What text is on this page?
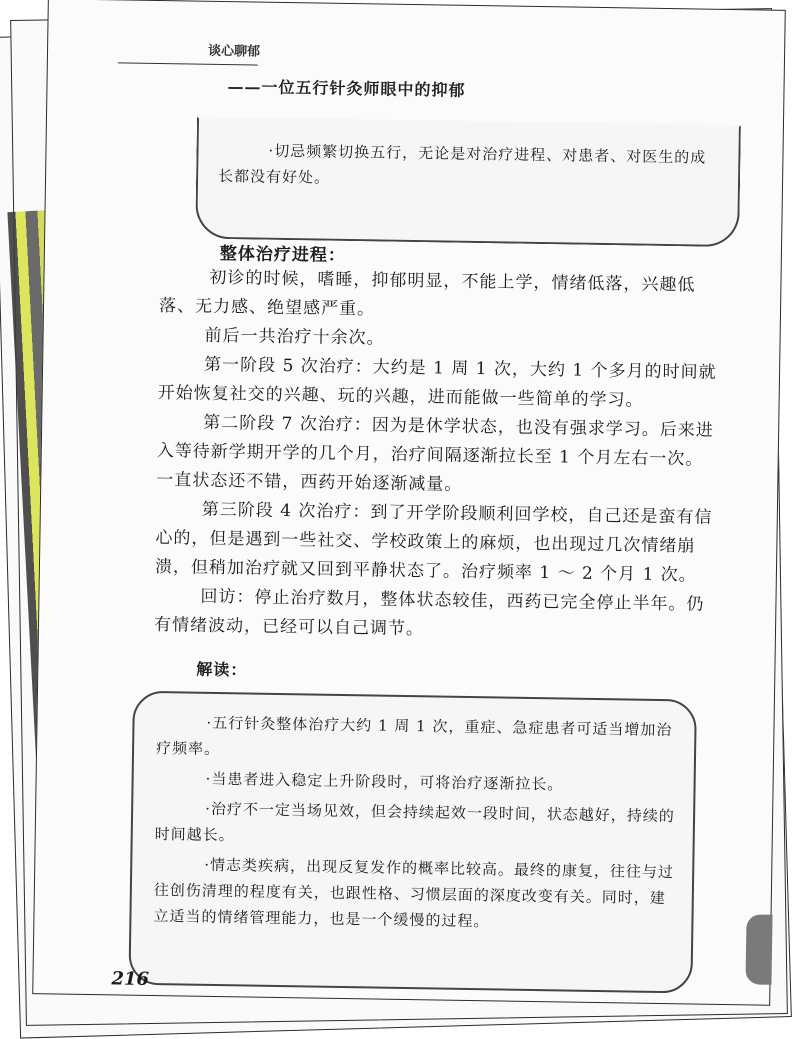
谈心聊郁
——一位五行针灸师眼中的抑郁

·切忌频繁切换五行，无论是对治疗进程、对患者、对医生的成长都没有好处。

整体治疗进程：

初诊的时候，嗜睡，抑郁明显，不能上学，情绪低落，兴趣低落、无力感、绝望感严重。

前后一共治疗十余次。

第一阶段 5 次治疗：大约是 1 周 1 次，大约 1 个多月的时间就开始恢复社交的兴趣、玩的兴趣，进而能做一些简单的学习。

第二阶段 7 次治疗：因为是休学状态，也没有强求学习。后来进入等待新学期开学的几个月，治疗间隔逐渐拉长至 1 个月左右一次。一直状态还不错，西药开始逐渐减量。

第三阶段 4 次治疗：到了开学阶段顺利回学校，自己还是蛮有信心的，但是遇到一些社交、学校政策上的麻烦，也出现过几次情绪崩溃，但稍加治疗就又回到平静状态了。治疗频率 1 ～ 2 个月 1 次。

回访：停止治疗数月，整体状态较佳，西药已完全停止半年。仍有情绪波动，已经可以自己调节。

解读：

·五行针灸整体治疗大约 1 周 1 次，重症、急症患者可适当增加治疗频率。

·当患者进入稳定上升阶段时，可将治疗逐渐拉长。

·治疗不一定当场见效，但会持续起效一段时间，状态越好，持续的时间越长。

·情志类疾病，出现反复发作的概率比较高。最终的康复，往往与过往创伤清理的程度有关，也跟性格、习惯层面的深度改变有关。同时，建立适当的情绪管理能力，也是一个缓慢的过程。

216
